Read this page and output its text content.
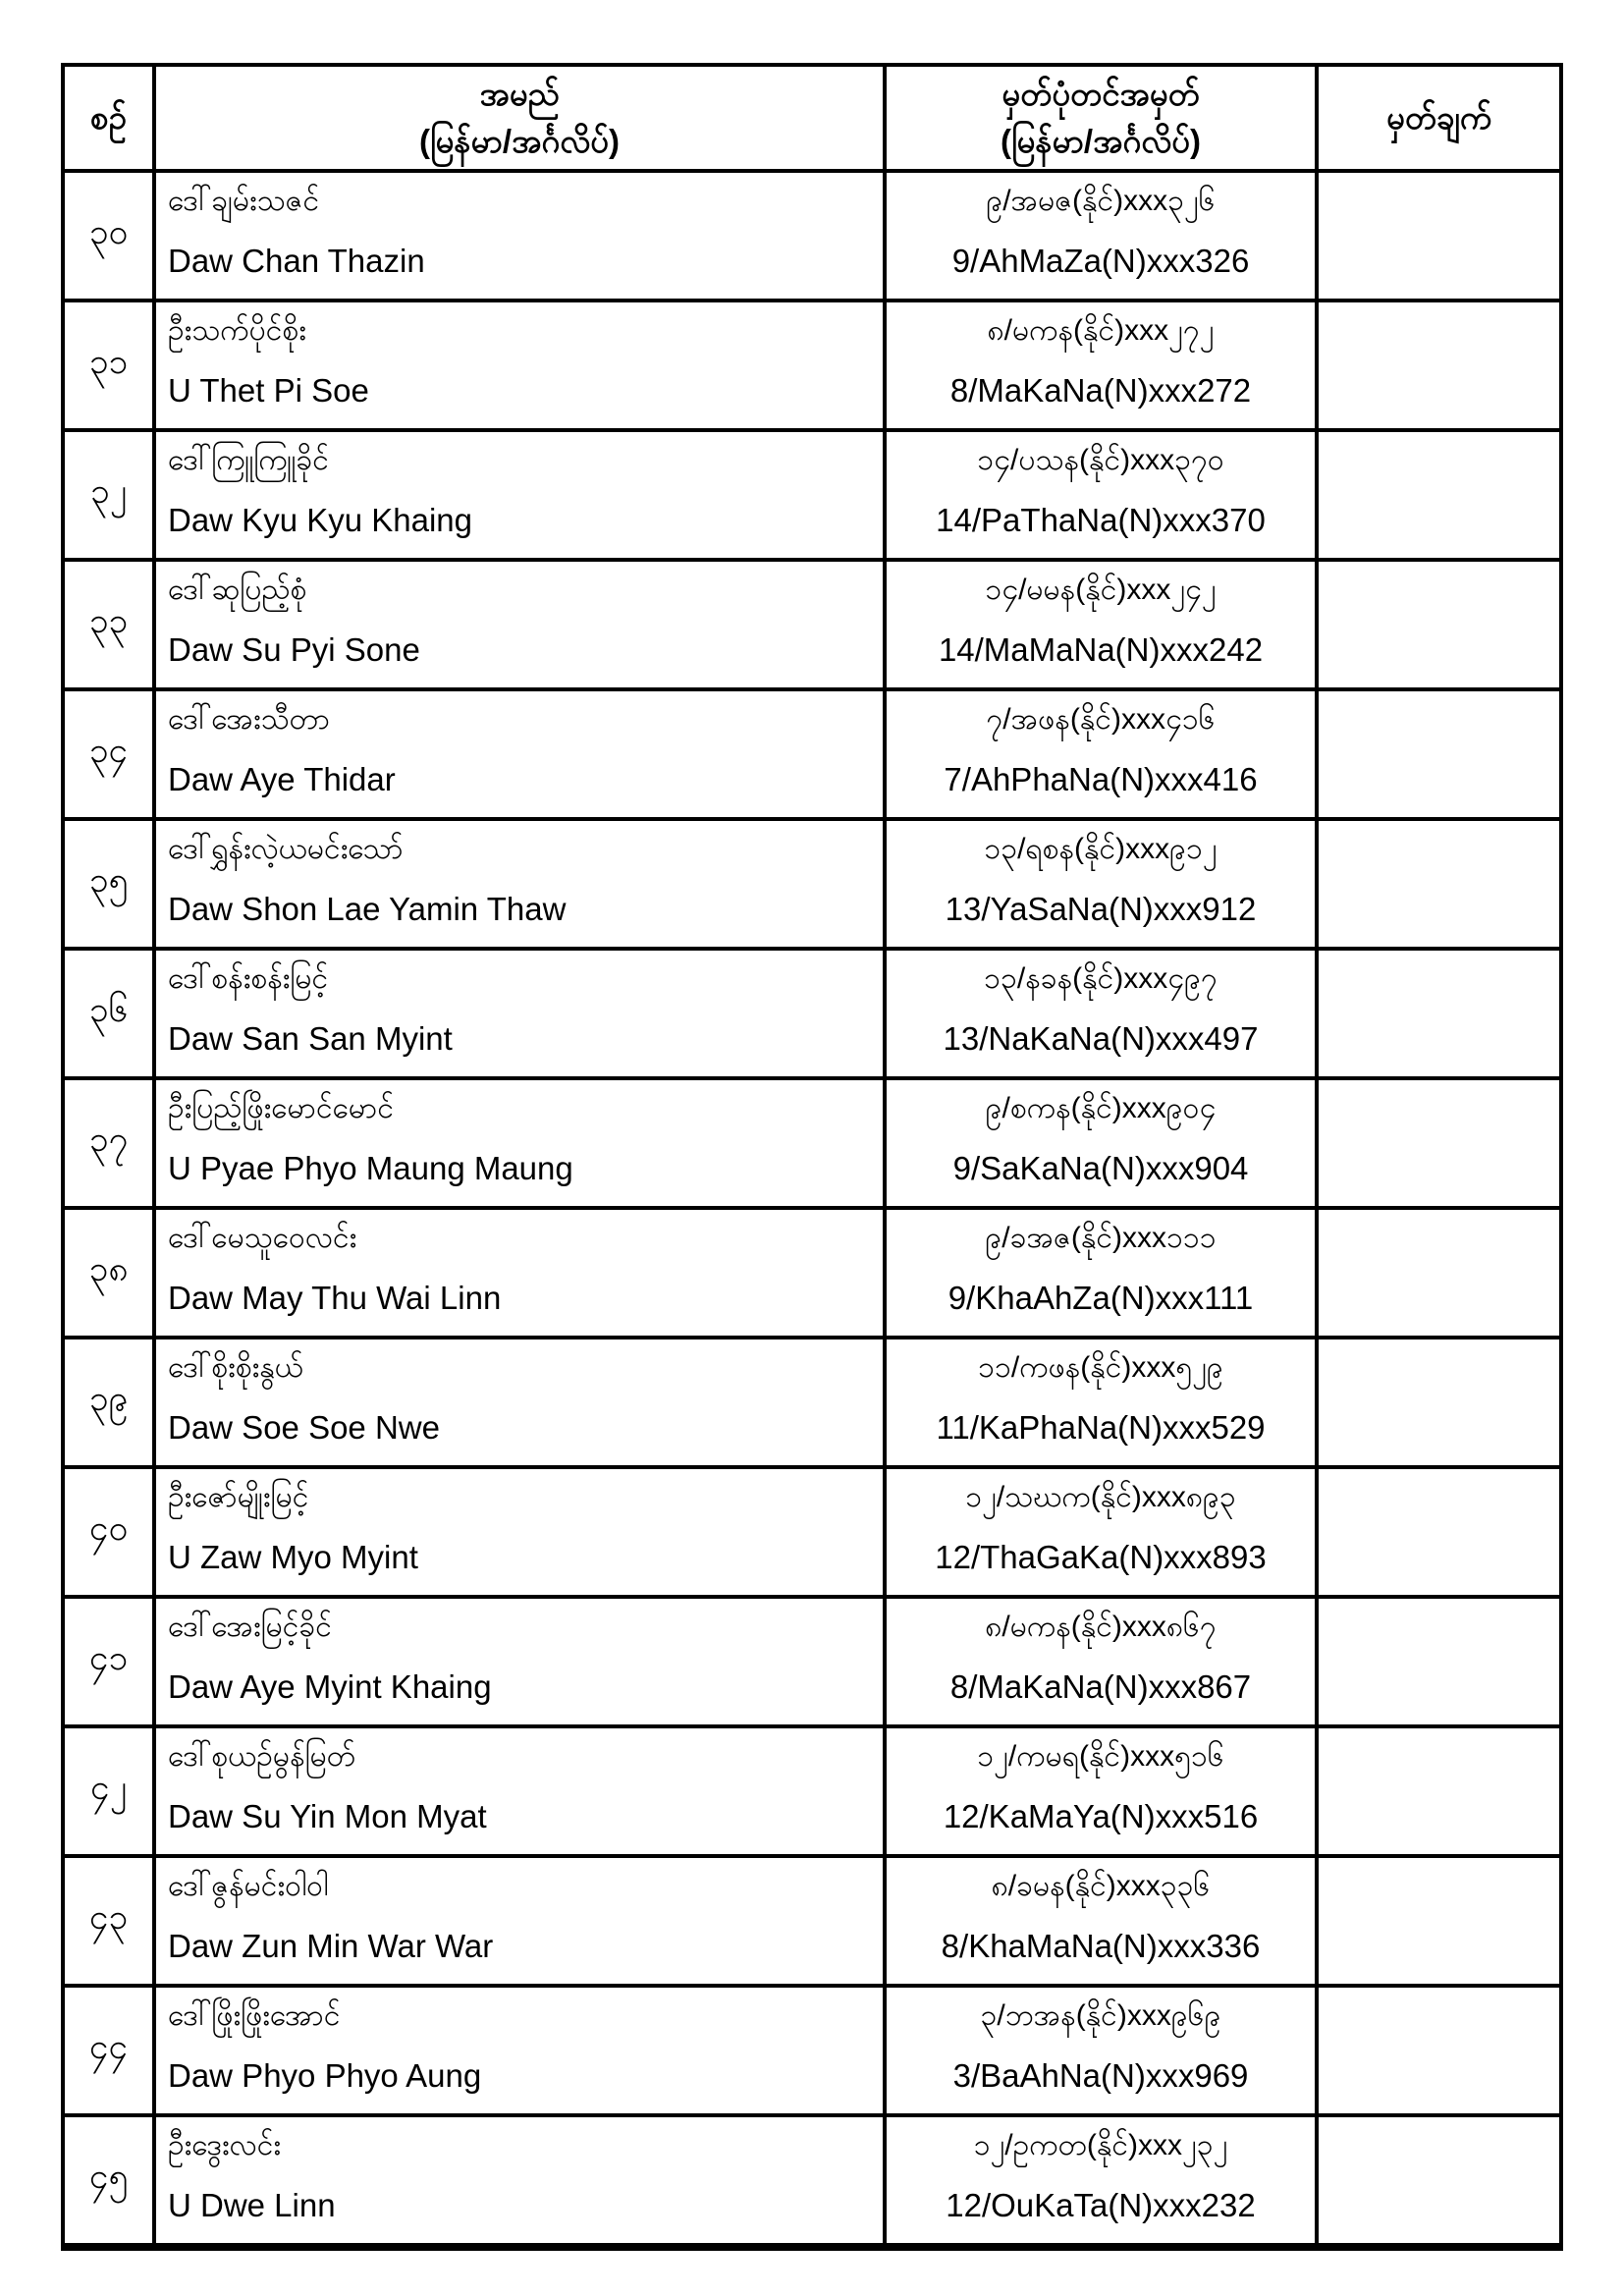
စဉ်
အမည်
(မြန်မာ/အင်္ဂလိပ်)
မှတ်ပုံတင်အမှတ်
(မြန်မာ/အင်္ဂလိပ်)
မှတ်ချက်
၃၀
ဒေါ်ချမ်းသဇင်
Daw Chan Thazin
၉/အမဇ(နိုင်)xxx၃၂၆
9/AhMaZa(N)xxx326
၃၁
ဦးသက်ပိုင်စိုး
U Thet Pi Soe
၈/မကန(နိုင်)xxx၂၇၂
8/MaKaNa(N)xxx272
၃၂
ဒေါ်ကြူကြူခိုင်
Daw Kyu Kyu Khaing
၁၄/ပသန(နိုင်)xxx၃၇၀
14/PaThaNa(N)xxx370
၃၃
ဒေါ်ဆုပြည့်စုံ
Daw Su Pyi Sone
၁၄/မမန(နိုင်)xxx၂၄၂
14/MaMaNa(N)xxx242
၃၄
ဒေါ်အေးသီတာ
Daw Aye Thidar
၇/အဖန(နိုင်)xxx၄၁၆
7/AhPhaNa(N)xxx416
၃၅
ဒေါ်ရွှန်းလဲ့ယမင်းသော်
Daw Shon Lae Yamin Thaw
၁၃/ရစန(နိုင်)xxx၉၁၂
13/YaSaNa(N)xxx912
၃၆
ဒေါ်စန်းစန်းမြင့်
Daw San San Myint
၁၃/နခန(နိုင်)xxx၄၉၇
13/NaKaNa(N)xxx497
၃၇
ဦးပြည့်ဖြိုးမောင်မောင်
U Pyae Phyo Maung Maung
၉/စကန(နိုင်)xxx၉၀၄
9/SaKaNa(N)xxx904
၃၈
ဒေါ်မေသူဝေလင်း
Daw May Thu Wai Linn
၉/ခအဇ(နိုင်)xxx၁၁၁
9/KhaAhZa(N)xxx111
၃၉
ဒေါ်စိုးစိုးနွယ်
Daw Soe Soe Nwe
၁၁/ကဖန(နိုင်)xxx၅၂၉
11/KaPhaNa(N)xxx529
၄၀
ဦးဇော်မျိုးမြင့်
U Zaw Myo Myint
၁၂/သဃက(နိုင်)xxx၈၉၃
12/ThaGaKa(N)xxx893
၄၁
ဒေါ်အေးမြင့်ခိုင်
Daw Aye Myint Khaing
၈/မကန(နိုင်)xxx၈၆၇
8/MaKaNa(N)xxx867
၄၂
ဒေါ်စုယဉ်မွန်မြတ်
Daw Su Yin Mon Myat
၁၂/ကမရ(နိုင်)xxx၅၁၆
12/KaMaYa(N)xxx516
၄၃
ဒေါ်ဇွန်မင်းဝါဝါ
Daw Zun Min War War
၈/ခမန(နိုင်)xxx၃၃၆
8/KhaMaNa(N)xxx336
၄၄
ဒေါ်ဖြိုးဖြိုးအောင်
Daw Phyo Phyo Aung
၃/ဘအန(နိုင်)xxx၉၆၉
3/BaAhNa(N)xxx969
၄၅
ဦးဒွေးလင်း
U Dwe Linn
၁၂/ဥကတ(နိုင်)xxx၂၃၂
12/OuKaTa(N)xxx232
